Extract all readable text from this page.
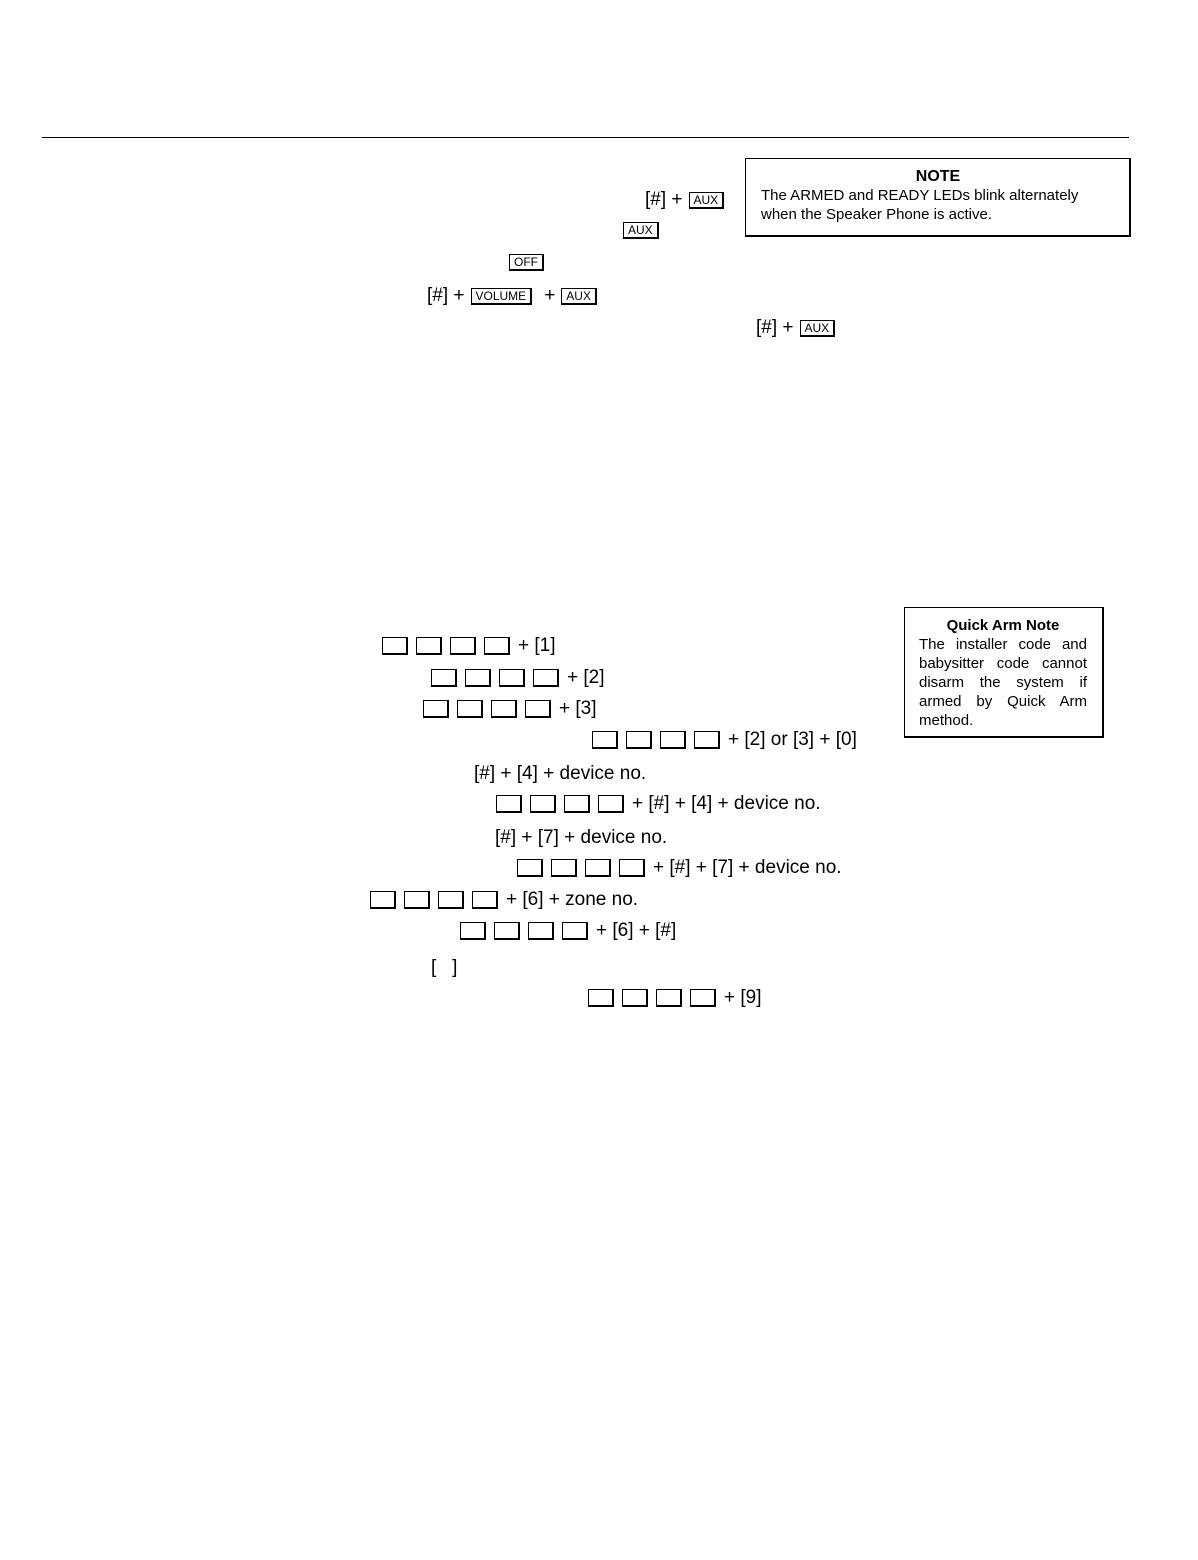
NOTE
The ARMED and READY LEDs blink alternately when the Speaker Phone is active.
[#] + AUX
AUX
OFF
[#] + VOLUME + AUX
[#] + AUX
Quick Arm Note
The installer code and babysitter code cannot disarm the system if armed by Quick Arm method.
+ [1]
+ [2]
+ [3]
+ [2] or [3] + [0]
[#] + [4] + device no.
+ [#] + [4] + device no.
[#] + [7] + device no.
+ [#] + [7] + device no.
+ [6] + zone no.
+ [6] + [#]
[   ]
+ [9]
